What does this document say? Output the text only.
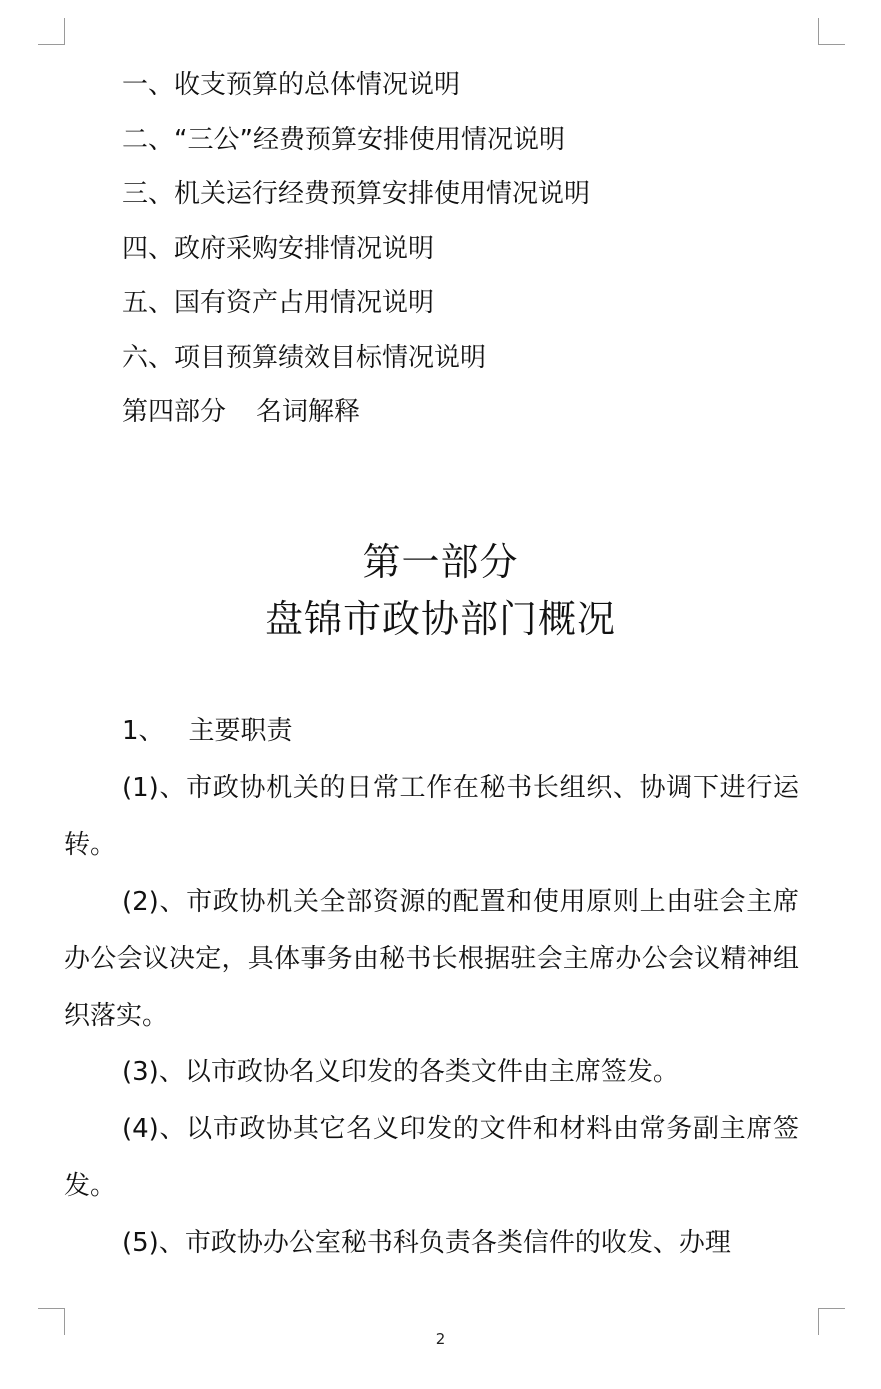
一、收支预算的总体情况说明
二、“三公”经费预算安排使用情况说明
三、机关运行经费预算安排使用情况说明
四、政府采购安排情况说明
五、国有资产占用情况说明
六、项目预算绩效目标情况说明
第四部分 名词解释
第一部分
盘锦市政协部门概况
1、 主要职责

(1)、市政协机关的日常工作在秘书长组织、协调下进行运转。

(2)、市政协机关全部资源的配置和使用原则上由驻会主席办公会议决定，具体事务由秘书长根据驻会主席办公会议精神组织落实。

(3)、以市政协名义印发的各类文件由主席签发。

(4)、以市政协其它名义印发的文件和材料由常务副主席签发。

(5)、市政协办公室秘书科负责各类信件的收发、办理

2
